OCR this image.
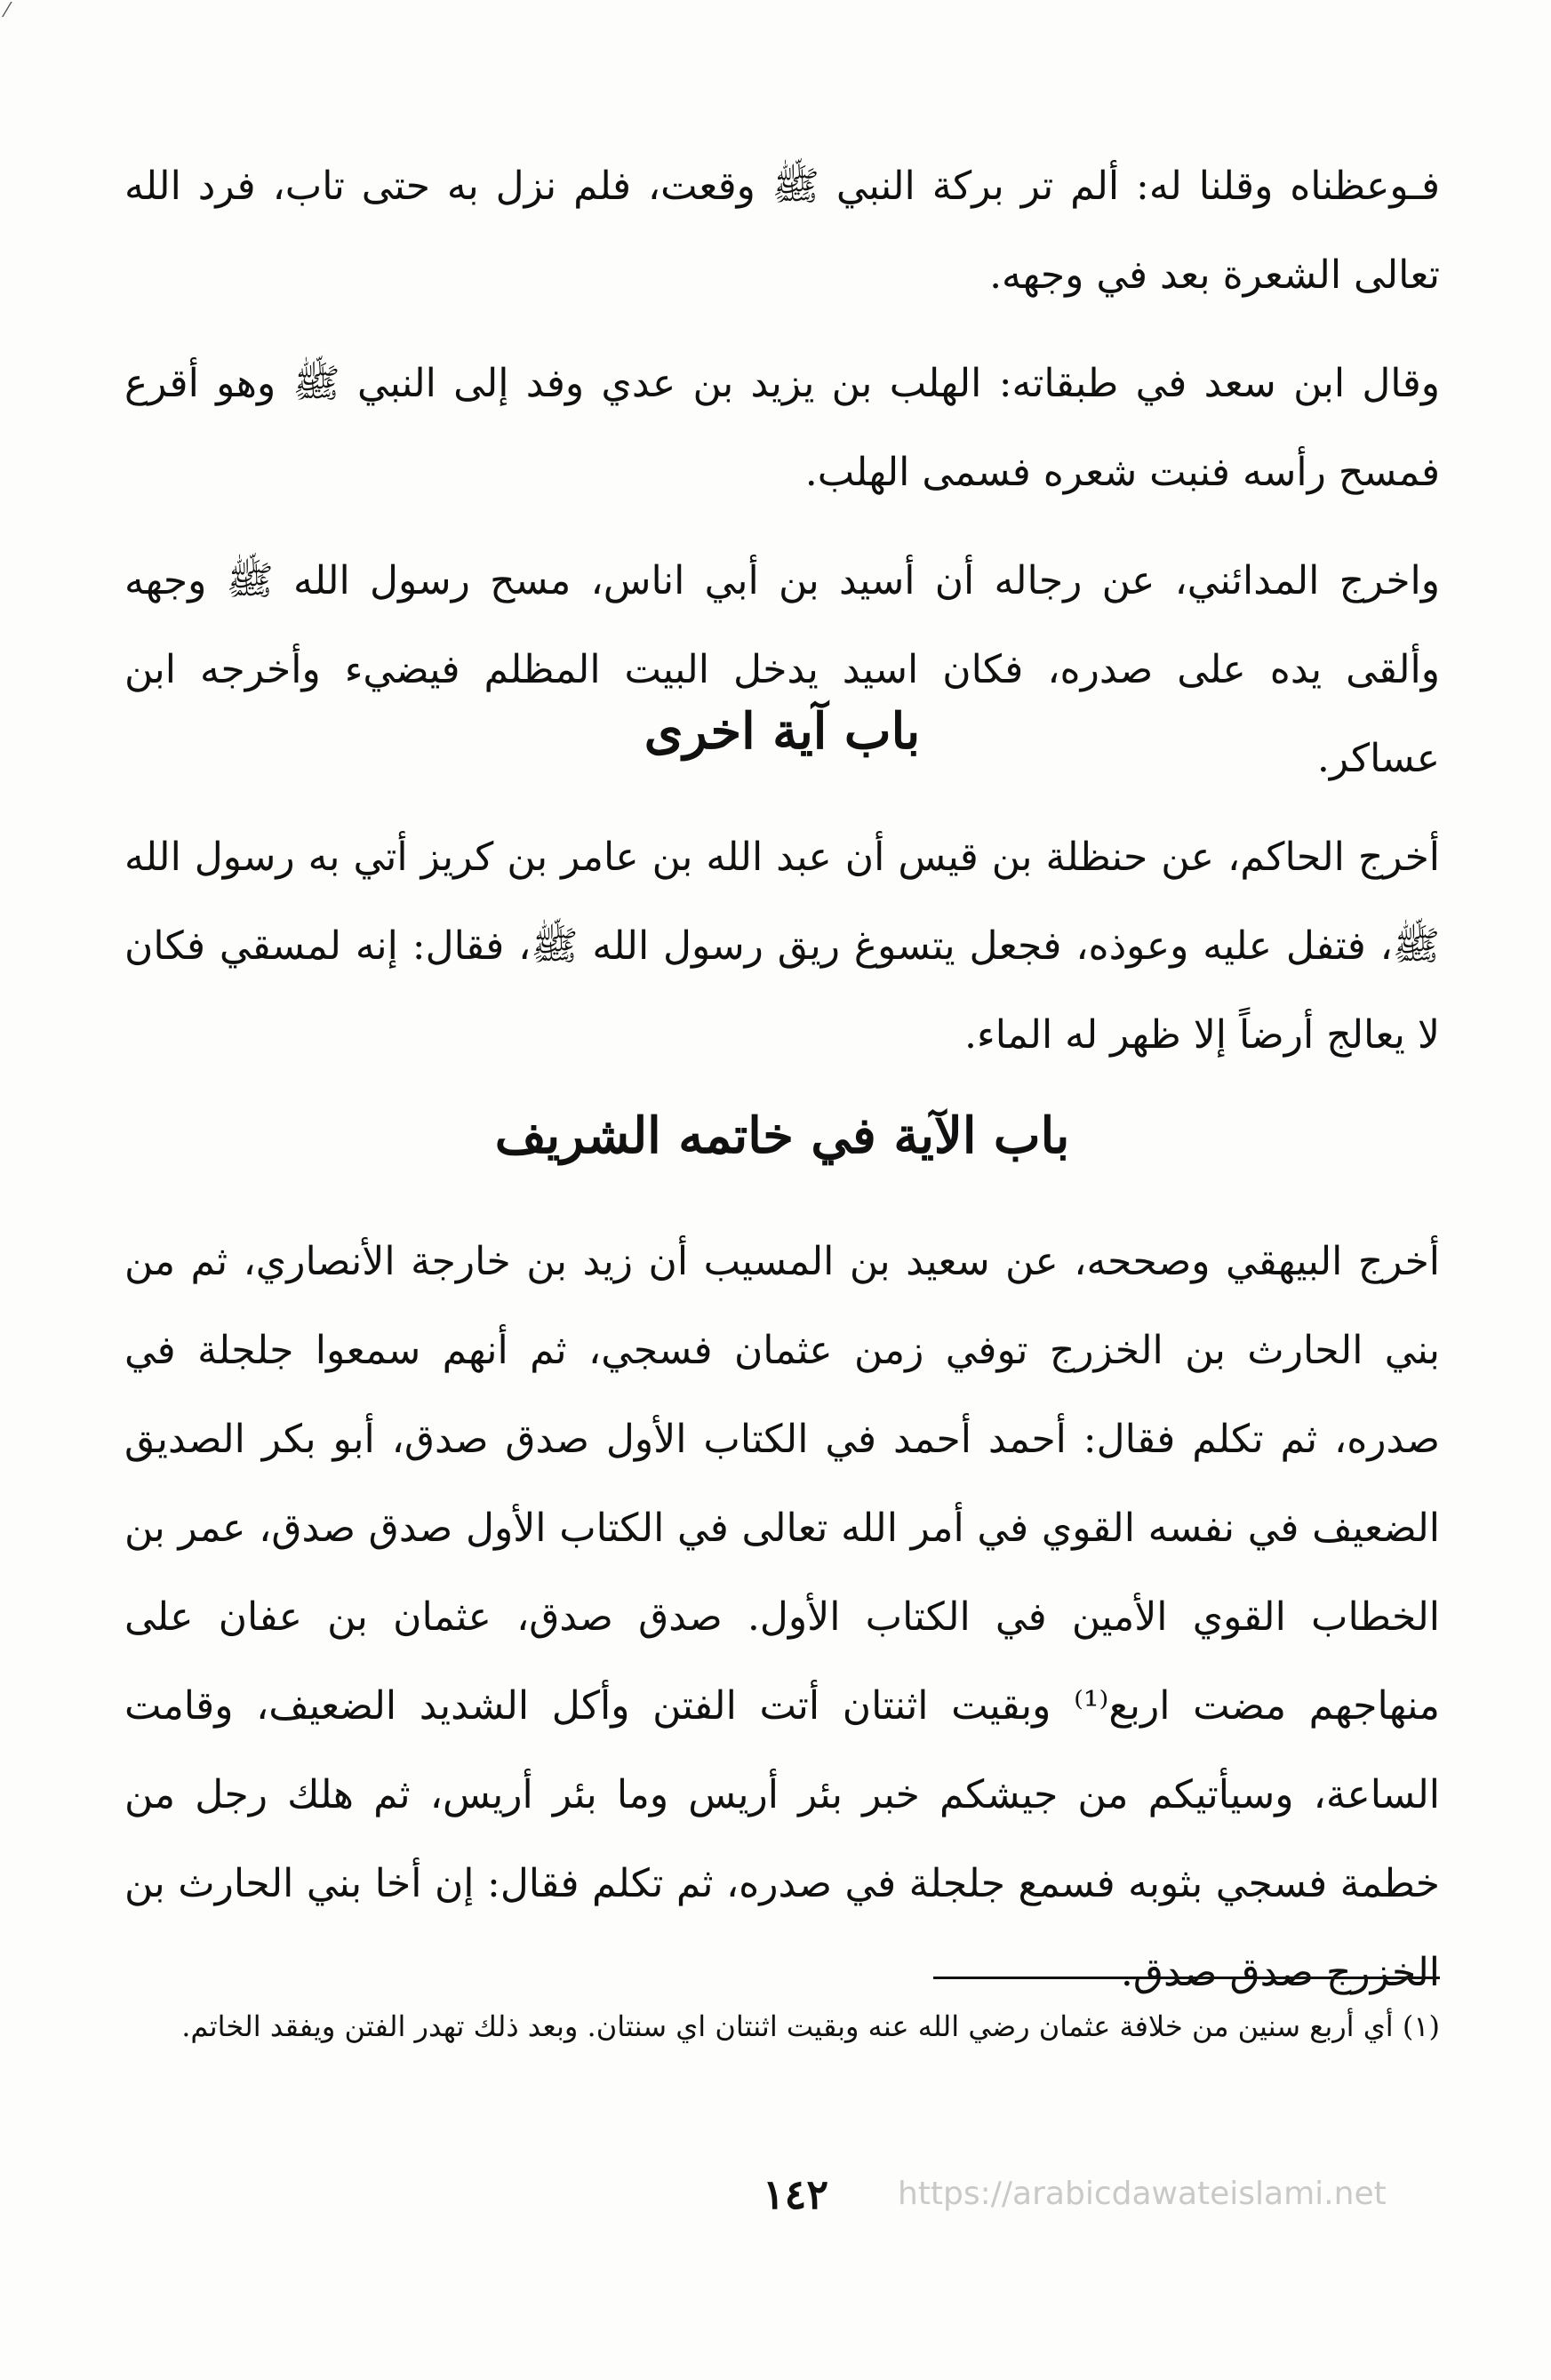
⁄

فـوعظناه وقلنا له: ألم تر بركة النبي ﷺ وقعت، فلم نزل به حتى تاب، فرد الله تعالى الشعرة بعد في وجهه.

وقال ابن سعد في طبقاته: الهلب بن يزيد بن عدي وفد إلى النبي ﷺ وهو أقرع فمسح رأسه فنبت شعره فسمى الهلب.

واخرج المدائني، عن رجاله أن أسيد بن أبي اناس، مسح رسول الله ﷺ وجهه وألقى يده على صدره، فكان اسيد يدخل البيت المظلم فيضيء وأخرجه ابن عساكر.

باب آية اخرى

أخرج الحاكم، عن حنظلة بن قيس أن عبد الله بن عامر بن كريز أتي به رسول الله ﷺ، فتفل عليه وعوذه، فجعل يتسوغ ريق رسول الله ﷺ، فقال: إنه لمسقي فكان لا يعالج أرضاً إلا ظهر له الماء.

باب الآية في خاتمه الشريف

أخرج البيهقي وصححه، عن سعيد بن المسيب أن زيد بن خارجة الأنصاري، ثم من بني الحارث بن الخزرج توفي زمن عثمان فسجي، ثم أنهم سمعوا جلجلة في صدره، ثم تكلم فقال: أحمد أحمد في الكتاب الأول صدق صدق، أبو بكر الصديق الضعيف في نفسه القوي في أمر الله تعالى في الكتاب الأول صدق صدق، عمر بن الخطاب القوي الأمين في الكتاب الأول. صدق صدق، عثمان بن عفان على منهاجهم مضت اربع⁽¹⁾ وبقيت اثنتان أتت الفتن وأكل الشديد الضعيف، وقامت الساعة، وسيأتيكم من جيشكم خبر بئر أريس وما بئر أريس، ثم هلك رجل من خطمة فسجي بثوبه فسمع جلجلة في صدره، ثم تكلم فقال: إن أخا بني الحارث بن الخزرج صدق صدق.

(١) أي أربع سنين من خلافة عثمان رضي الله عنه وبقيت اثنتان اي سنتان. وبعد ذلك تهدر الفتن ويفقد الخاتم.

١٤٢	https://arabicdawateislami.net
